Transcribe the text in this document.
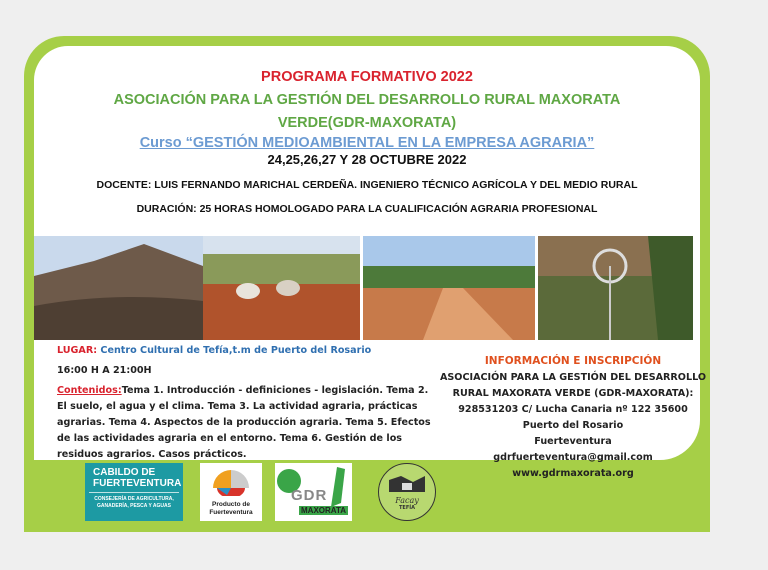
PROGRAMA FORMATIVO 2022
ASOCIACIÓN PARA LA GESTIÓN DEL DESARROLLO RURAL MAXORATA
VERDE(GDR-MAXORATA)
Curso “GESTIÓN MEDIOAMBIENTAL EN LA EMPRESA AGRARIA”
24,25,26,27 Y 28 OCTUBRE 2022
DOCENTE: LUIS FERNANDO MARICHAL CERDEÑA. INGENIERO TÉCNICO AGRÍCOLA Y DEL MEDIO RURAL
DURACIÓN: 25 HORAS HOMOLOGADO PARA LA CUALIFICACIÓN AGRARIA PROFESIONAL
LUGAR: Centro Cultural de Tefía,t.m de Puerto del Rosario
16:00 H A 21:00H
Contenidos:Tema 1. Introducción - definiciones - legislación. Tema 2.
El suelo, el agua y el clima. Tema 3. La actividad agraria, prácticas
agrarias. Tema 4. Aspectos de la producción agraria. Tema 5. Efectos
de las actividades agraria en el entorno. Tema 6. Gestión de los
residuos agrarios. Casos prácticos.
INFORMACIÓN E INSCRIPCIÓN
ASOCIACIÓN PARA LA GESTIÓN DEL DESARROLLO
RURAL MAXORATA VERDE (GDR-MAXORATA):
928531203 C/ Lucha Canaria nº 122 35600
Puerto del Rosario
Fuerteventura
gdrfuerteventura@gmail.com
www.gdrmaxorata.org
CABILDO DE
FUERTEVENTURA
CONSEJERÍA DE AGRICULTURA,
GANADERÍA, PESCA Y AGUAS	Producto de
Fuerteventura
GDR
MAXORATA
Facay
TEFÍA
